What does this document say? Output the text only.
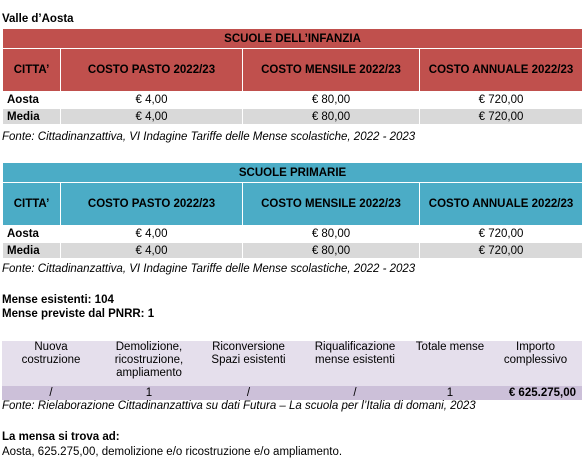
Valle d’Aosta
SCUOLE DELL’INFANZIA			
CITTA’	COSTO PASTO 2022/23	COSTO MENSILE 2022/23	COSTO ANNUALE 2022/23
Aosta	€ 4,00	€ 80,00	€ 720,00
Media	€ 4,00	€ 80,00	€ 720,00
Fonte: Cittadinanzattiva, VI Indagine Tariffe delle Mense scolastiche, 2022 - 2023
SCUOLE PRIMARIE			
CITTA’	COSTO PASTO 2022/23	COSTO MENSILE 2022/23	COSTO ANNUALE 2022/23
Aosta	€ 4,00	€ 80,00	€ 720,00
Media	€ 4,00	€ 80,00	€ 720,00
Fonte: Cittadinanzattiva, VI Indagine Tariffe delle Mense scolastiche, 2022 - 2023
Mense esistenti: 104
Mense previste dal PNRR: 1
Nuova costruzione	Demolizione, ricostruzione, ampliamento	Riconversione Spazi esistenti	Riqualificazione mense esistenti	Totale mense	Importo complessivo
/	1	/	/	1	€ 625.275,00
Fonte: Rielaborazione Cittadinanzattiva su dati Futura – La scuola per l’Italia di domani, 2023
La mensa si trova ad:
Aosta, 625.275,00, demolizione e/o ricostruzione e/o ampliamento.
